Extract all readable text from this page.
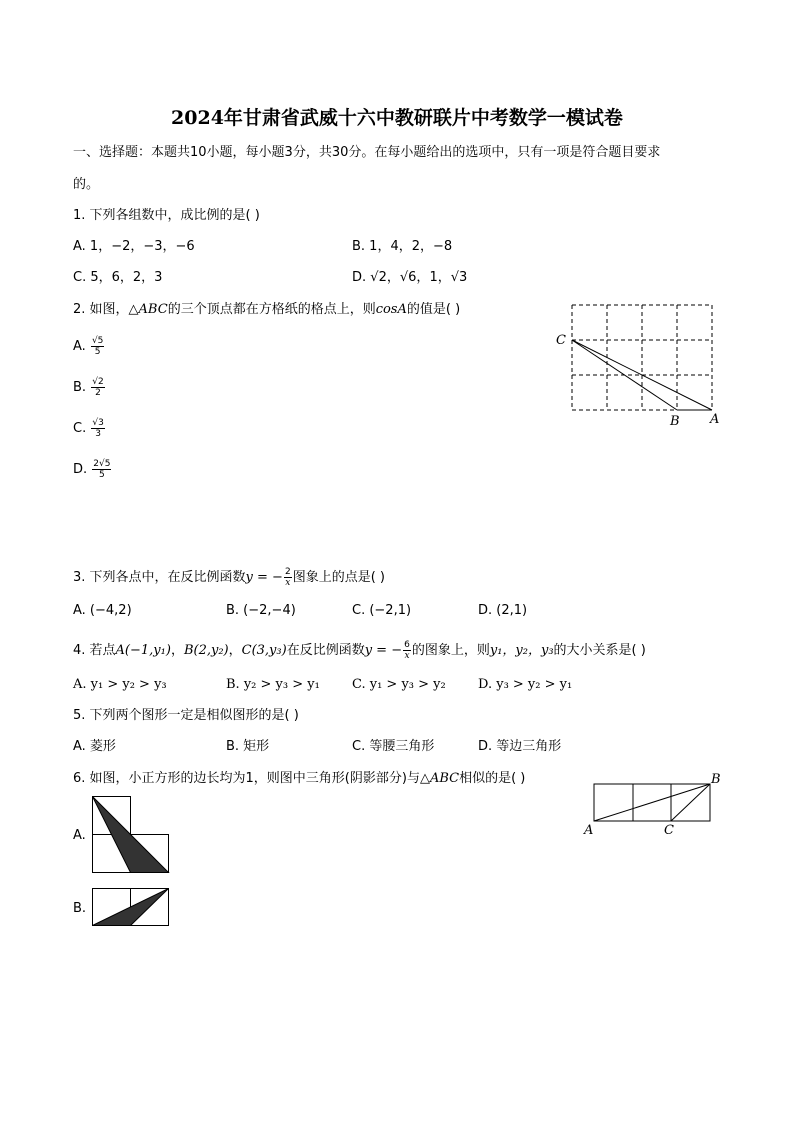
2024年甘肃省武威十六中教研联片中考数学一模试卷
一、选择题：本题共10小题，每小题3分，共30分。在每小题给出的选项中，只有一项是符合题目要求
的。
1. 下列各组数中，成比例的是( )
A. 1，−2，−3，−6	B. 1，4，2，−8
C. 5，6，2，3	D. √2，√6，1，√3
2. 如图，△ABC的三个顶点都在方格纸的格点上，则cosA的值是( )
A. $\frac{√5}{5}$
B. $\frac{√2}{2}$
C. $\frac{√3}{3}$
D. $\frac{2√5}{5}$
C
B A
3. 下列各点中，在反比例函数y = − $\frac{2}{x}$ 图象上的点是( )
A. (−4,2)	B. (−2,−4)	C. (−2,1)	D. (2,1)
4. 若点A(−1,y₁)，B(2,y₂)，C(3,y₃)在反比例函数y = − $\frac{6}{x}$ 的图象上，则y₁，y₂，y₃的大小关系是( )
A. y₁ > y₂ > y₃	B. y₂ > y₃ > y₁ C. y₁ > y₃ > y₂ D. y₃ > y₂ > y₁
5. 下列两个图形一定是相似图形的是( )
A. 菱形	B. 矩形	C. 等腰三角形	D. 等边三角形
6. 如图，小正方形的边长均为1，则图中三角形(阴影部分)与△ABC相似的是( )
A
B
C
A.
B.
